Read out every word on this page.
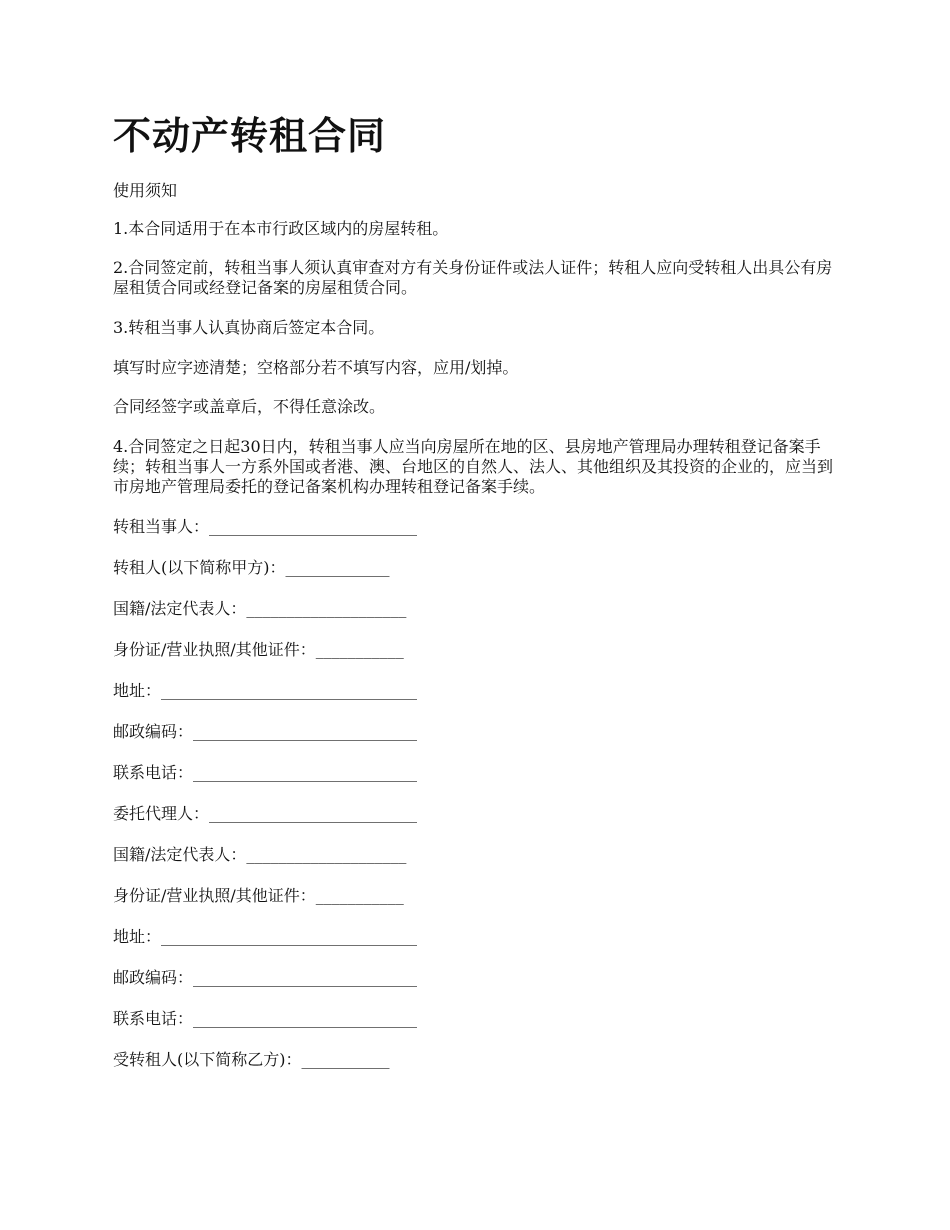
不动产转租合同

使用须知

1.本合同适用于在本市行政区域内的房屋转租。

2.合同签定前，转租当事人须认真审查对方有关身份证件或法人证件；转租人应向受转租人出具公有房屋租赁合同或经登记备案的房屋租赁合同。

3.转租当事人认真协商后签定本合同。

填写时应字迹清楚；空格部分若不填写内容，应用/划掉。

合同经签字或盖章后，不得任意涂改。

4.合同签定之日起30日内，转租当事人应当向房屋所在地的区、县房地产管理局办理转租登记备案手续；转租当事人一方系外国或者港、澳、台地区的自然人、法人、其他组织及其投资的企业的，应当到市房地产管理局委托的登记备案机构办理转租登记备案手续。

转租当事人：__________________________

转租人(以下简称甲方)：_____________

国籍/法定代表人：____________________

身份证/营业执照/其他证件：___________

地址：________________________________

邮政编码：____________________________

联系电话：____________________________

委托代理人：__________________________

国籍/法定代表人：____________________

身份证/营业执照/其他证件：___________

地址：________________________________

邮政编码：____________________________

联系电话：____________________________

受转租人(以下简称乙方)：___________
